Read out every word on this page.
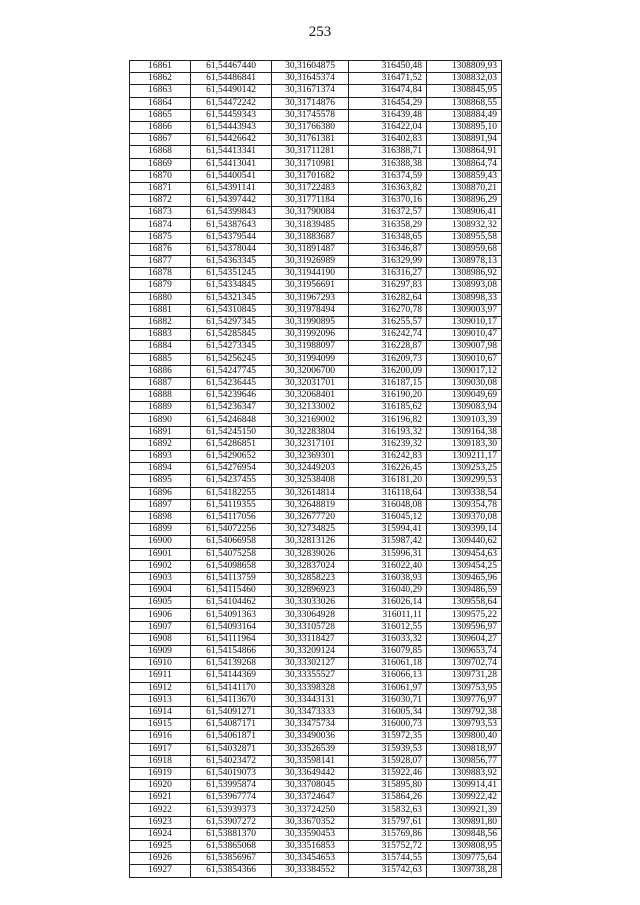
253
16861	61,54467440	30,31604875	316450,48	1308809,93
16862	61,54486841	30,31645374	316471,52	1308832,03
16863	61,54490142	30,31671374	316474,84	1308845,95
16864	61,54472242	30,31714876	316454,29	1308868,55
16865	61,54459343	30,31745578	316439,48	1308884,49
16866	61,54443943	30,31766380	316422,04	1308895,10
16867	61,54426642	30,31761381	316402,83	1308891,94
16868	61,54413341	30,31711281	316388,71	1308864,91
16869	61,54413041	30,31710981	316388,38	1308864,74
16870	61,54400541	30,31701682	316374,59	1308859,43
16871	61,54391141	30,31722483	316363,82	1308870,21
16872	61,54397442	30,31771184	316370,16	1308896,29
16873	61,54399843	30,31790084	316372,57	1308906,41
16874	61,54387643	30,31839485	316358,29	1308932,32
16875	61,54379544	30,31883687	316348,65	1308955,58
16876	61,54378044	30,31891487	316346,87	1308959,68
16877	61,54363345	30,31926989	316329,99	1308978,13
16878	61,54351245	30,31944190	316316,27	1308986,92
16879	61,54334845	30,31956691	316297,83	1308993,08
16880	61,54321345	30,31967293	316282,64	1308998,33
16881	61,54310845	30,31978494	316270,78	1309003,97
16882	61,54297345	30,31990895	316255,57	1309010,17
16883	61,54285845	30,31992096	316242,74	1309010,47
16884	61,54273345	30,31988097	316228,87	1309007,98
16885	61,54256245	30,31994099	316209,73	1309010,67
16886	61,54247745	30,32006700	316200,09	1309017,12
16887	61,54236445	30,32031701	316187,15	1309030,08
16888	61,54239646	30,32068401	316190,20	1309049,69
16889	61,54236347	30,32133002	316185,62	1309083,94
16890	61,54246848	30,32169002	316196,82	1309103,39
16891	61,54245150	30,32283804	316193,32	1309164,38
16892	61,54286851	30,32317101	316239,32	1309183,30
16893	61,54290652	30,32369301	316242,83	1309211,17
16894	61,54276954	30,32449203	316226,45	1309253,25
16895	61,54237455	30,32538408	316181,20	1309299,53
16896	61,54182255	30,32614814	316118,64	1309338,54
16897	61,54119355	30,32648819	316048,08	1309354,78
16898	61,54117056	30,32677720	316045,12	1309370,08
16899	61,54072256	30,32734825	315994,41	1309399,14
16900	61,54066958	30,32813126	315987,42	1309440,62
16901	61,54075258	30,32839026	315996,31	1309454,63
16902	61,54098658	30,32837024	316022,40	1309454,25
16903	61,54113759	30,32858223	316038,93	1309465,96
16904	61,54115460	30,32896923	316040,29	1309486,59
16905	61,54104462	30,33033026	316026,14	1309558,64
16906	61,54091363	30,33064928	316011,11	1309575,22
16907	61,54093164	30,33105728	316012,55	1309596,97
16908	61,54111964	30,33118427	316033,32	1309604,27
16909	61,54154866	30,33209124	316079,85	1309653,74
16910	61,54139268	30,33302127	316061,18	1309702,74
16911	61,54144369	30,33355527	316066,13	1309731,28
16912	61,54141170	30,33398328	316061,97	1309753,95
16913	61,54113670	30,33443131	316030,71	1309776,97
16914	61,54091271	30,33473333	316005,34	1309792,38
16915	61,54087171	30,33475734	316000,73	1309793,53
16916	61,54061871	30,33490036	315972,35	1309800,40
16917	61,54032871	30,33526539	315939,53	1309818,97
16918	61,54023472	30,33598141	315928,07	1309856,77
16919	61,54019073	30,33649442	315922,46	1309883,92
16920	61,53995874	30,33708045	315895,80	1309914,41
16921	61,53967774	30,33724647	315864,26	1309922,42
16922	61,53939373	30,33724250	315832,63	1309921,39
16923	61,53907272	30,33670352	315797,61	1309891,80
16924	61,53881370	30,33590453	315769,86	1309848,56
16925	61,53865068	30,33516853	315752,72	1309808,95
16926	61,53856967	30,33454653	315744,55	1309775,64
16927	61,53854366	30,33384552	315742,63	1309738,28
